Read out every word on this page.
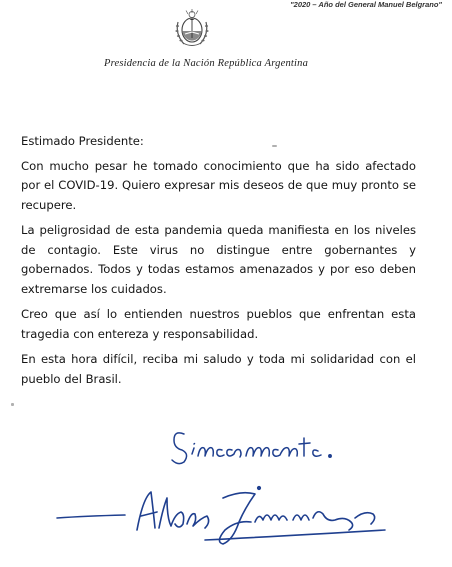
"2020 – Año del General Manuel Belgrano"
Presidencia de la Nación República Argentina

Estimado Presidente:

Con mucho pesar he tomado conocimiento que ha sido afectado por el COVID-19. Quiero expresar mis deseos de que muy pronto se recupere.

La peligrosidad de esta pandemia queda manifiesta en los niveles de contagio. Este virus no distingue entre gobernantes y gobernados. Todos y todas estamos amenazados y por eso deben extremarse los cuidados.

Creo que así lo entienden nuestros pueblos que enfrentan esta tragedia con entereza y responsabilidad.

En esta hora difícil, reciba mi saludo y toda mi solidaridad con el pueblo del Brasil.
